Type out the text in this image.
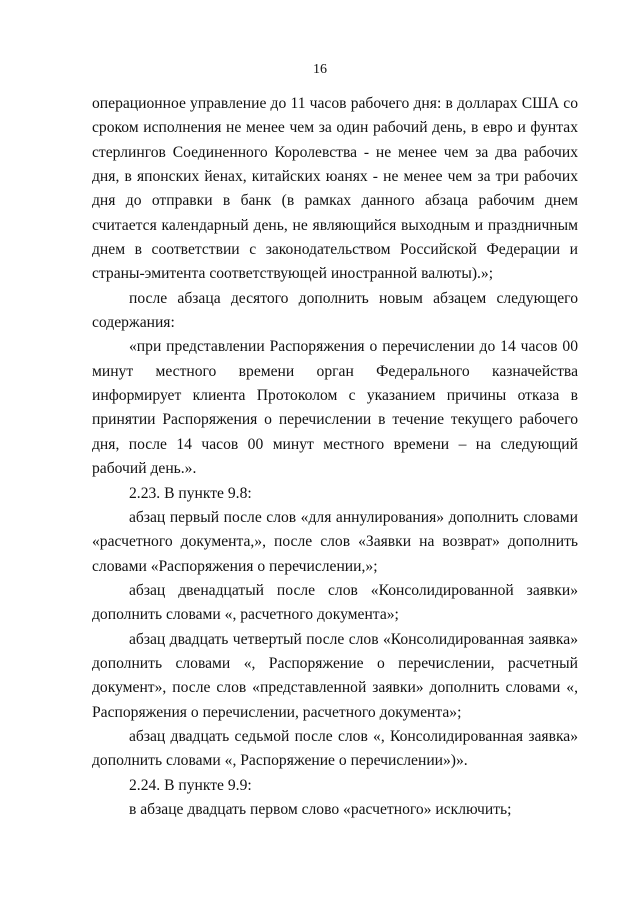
16

операционное управление до 11 часов рабочего дня: в долларах США со сроком исполнения не менее чем за один рабочий день, в евро и фунтах стерлингов Соединенного Королевства - не менее чем за два рабочих дня, в японских йенах, китайских юанях - не менее чем за три рабочих дня до отправки в банк (в рамках данного абзаца рабочим днем считается календарный день, не являющийся выходным и праздничным днем в соответствии с законодательством Российской Федерации и страны-эмитента соответствующей иностранной валюты).»;

после абзаца десятого дополнить новым абзацем следующего содержания:

«при представлении Распоряжения о перечислении до 14 часов 00 минут местного времени орган Федерального казначейства информирует клиента Протоколом с указанием причины отказа в принятии Распоряжения о перечислении в течение текущего рабочего дня, после 14 часов 00 минут местного времени – на следующий рабочий день.».

2.23. В пункте 9.8:

абзац первый после слов «для аннулирования» дополнить словами «расчетного документа,», после слов «Заявки на возврат» дополнить словами «Распоряжения о перечислении,»;

абзац двенадцатый после слов «Консолидированной заявки» дополнить словами «, расчетного документа»;

абзац двадцать четвертый после слов «Консолидированная заявка» дополнить словами «, Распоряжение о перечислении, расчетный документ», после слов «представленной заявки» дополнить словами «, Распоряжения о перечислении, расчетного документа»;

абзац двадцать седьмой после слов «, Консолидированная заявка» дополнить словами «, Распоряжение о перечислении»)».

2.24. В пункте 9.9:

в абзаце двадцать первом слово «расчетного» исключить;
